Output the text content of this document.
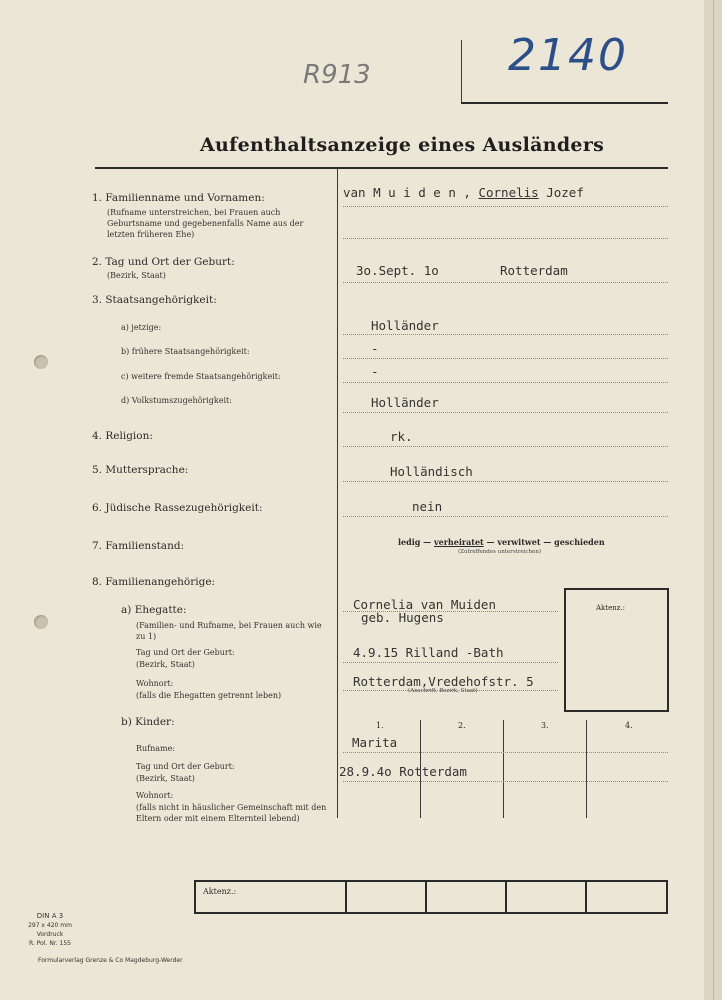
2140
R913
Aufenthaltsanzeige eines Ausländers
1. Familienname und Vornamen:
(Rufname unterstreichen, bei Frauen auch Geburtsname und gegebenenfalls Name aus der letzten früheren Ehe)
van M u i d e n , Cornelis Jozef
2. Tag und Ort der Geburt:
(Bezirk, Staat)	3o.Sept. 1o	Rotterdam
3. Staatsangehörigkeit:
a) jetzige:	Holländer
b) frühere Staatsangehörigkeit:	-
c) weitere fremde Staatsangehörigkeit:	-
d) Volkstumszugehörigkeit:	Holländer
4. Religion:	rk.
5. Muttersprache:	Holländisch
6. Jüdische Rassezugehörigkeit:	nein
7. Familienstand:	ledig — verheiratet — verwitwet — geschieden
(Zutreffendes unterstreichen)
8. Familienangehörige:
a) Ehegatte:
(Familien- und Rufname, bei Frauen auch wie zu 1)
Cornelia van Muiden
geb. Hugens
Tag und Ort der Geburt:
(Bezirk, Staat)
4.9.15 Rilland -Bath
Wohnort:
(falls die Ehegatten getrennt leben)
Rotterdam,Vredehofstr. 5
(Anschrift, Bezirk, Staat)
Aktenz.:
b) Kinder:	1.	2.	3.	4.
Rufname:	Marita
Tag und Ort der Geburt:
(Bezirk, Staat)	28.9.4o Rotterdam
Wohnort:
(falls nicht in häuslicher Gemeinschaft mit den Eltern oder mit einem Elternteil lebend)
Aktenz.:
DIN A 3
297 x 420 mm
Vordruck
R. Pol. Nr. 155
Formularverlag Grenze & Co Magdeburg-Werder
